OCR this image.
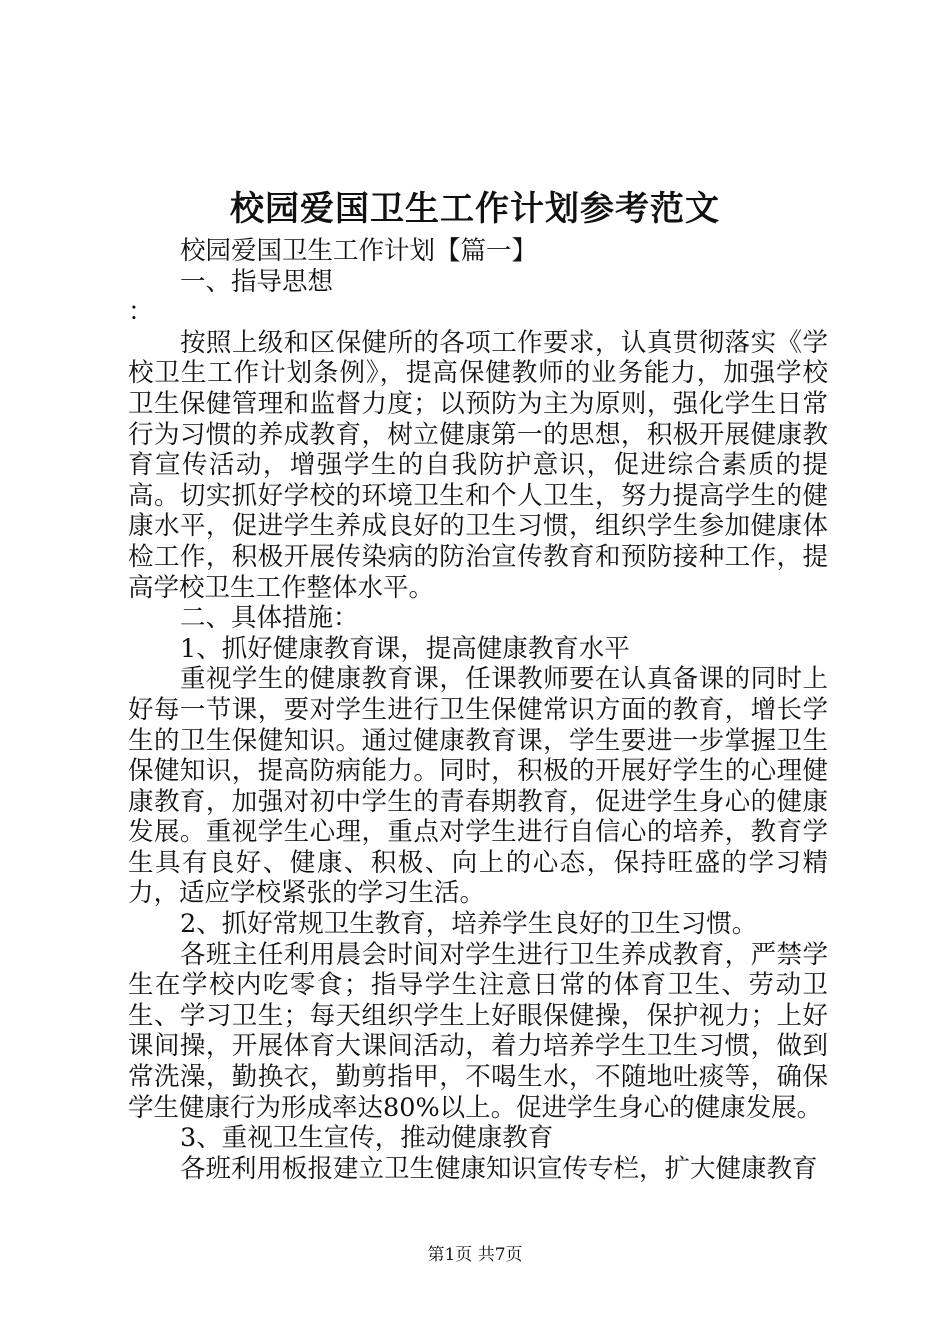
校园爱国卫生工作计划参考范文

校园爱国卫生工作计划【篇一】

一、指导思想

：

按照上级和区保健所的各项工作要求，认真贯彻落实《学校卫生工作计划条例》，提高保健教师的业务能力，加强学校卫生保健管理和监督力度；以预防为主为原则，强化学生日常行为习惯的养成教育，树立健康第一的思想，积极开展健康教育宣传活动，增强学生的自我防护意识，促进综合素质的提高。切实抓好学校的环境卫生和个人卫生，努力提高学生的健康水平，促进学生养成良好的卫生习惯，组织学生参加健康体检工作，积极开展传染病的防治宣传教育和预防接种工作，提高学校卫生工作整体水平。

二、具体措施：

1、抓好健康教育课，提高健康教育水平

重视学生的健康教育课，任课教师要在认真备课的同时上好每一节课，要对学生进行卫生保健常识方面的教育，增长学生的卫生保健知识。通过健康教育课，学生要进一步掌握卫生保健知识，提高防病能力。同时，积极的开展好学生的心理健康教育，加强对初中学生的青春期教育，促进学生身心的健康发展。重视学生心理，重点对学生进行自信心的培养，教育学生具有良好、健康、积极、向上的心态，保持旺盛的学习精力，适应学校紧张的学习生活。

2、抓好常规卫生教育，培养学生良好的卫生习惯。

各班主任利用晨会时间对学生进行卫生养成教育，严禁学生在学校内吃零食；指导学生注意日常的体育卫生、劳动卫生、学习卫生；每天组织学生上好眼保健操，保护视力；上好课间操，开展体育大课间活动，着力培养学生卫生习惯，做到常洗澡，勤换衣，勤剪指甲，不喝生水，不随地吐痰等，确保学生健康行为形成率达80%以上。促进学生身心的健康发展。

3、重视卫生宣传，推动健康教育

各班利用板报建立卫生健康知识宣传专栏，扩大健康教育

第1页 共7页
